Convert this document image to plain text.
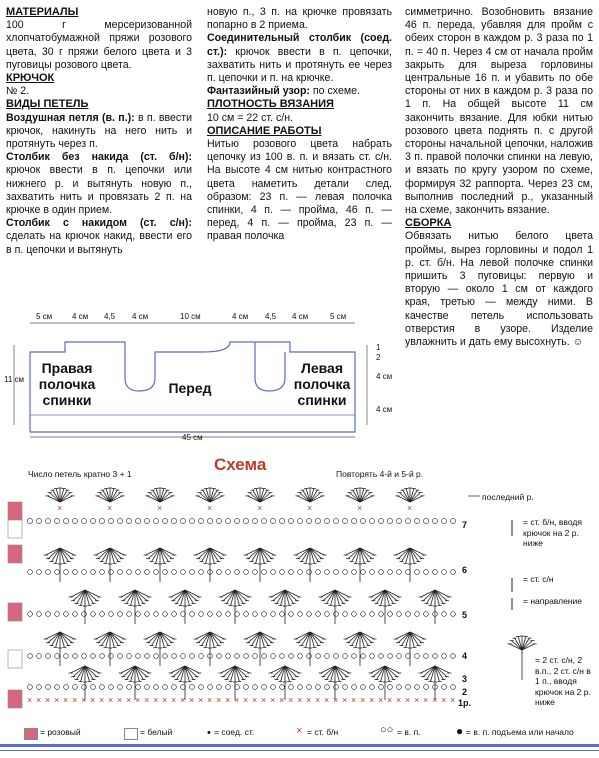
МАТЕРИАЛЫ

100 г мерсеризованной хлопчатобумажной пряжи розового цвета, 30 г пряжи белого цвета и 3 пуговицы розового цвета.

КРЮЧОК

№ 2.

ВИДЫ ПЕТЕЛЬ

Воздушная петля (в. п.): в п. ввести крючок, накинуть на него нить и протянуть через п.

Столбик без накида (ст. б/н): крючок ввести в п. цепочки или нижнего р. и вытянуть новую п., захватить нить и провязать 2 п. на крючке в один прием.

Столбик с накидом (ст. с/н): сделать на крючок накид, ввести его в п. цепочки и вытянуть

новую п., 3 п. на крючке провязать попарно в 2 приема.

Соединительный столбик (соед. ст.): крючок ввести в п. цепочки, захватить нить и протянуть ее через п. цепочки и п. на крючке.

Фантазийный узор: по схеме.

ПЛОТНОСТЬ ВЯЗАНИЯ

10 см = 22 ст. с/н.

ОПИСАНИЕ РАБОТЫ

Нитью розового цвета набрать цепочку из 100 в. п. и вязать ст. с/н. На высоте 4 см нитью контрастного цвета наметить детали след. образом: 23 п. — левая полочка спинки, 4 п. — пройма, 46 п. — перед, 4 п. — пройма, 23 п. — правая полочка

симметрично. Возобновить вязание 46 п. переда, убавляя для пройм с обеих сторон в каждом р. 3 раза по 1 п. = 40 п. Через 4 см от начала пройм закрыть для выреза горловины центральные 16 п. и убавить по обе стороны от них в каждом р. 3 раза по 1 п. На общей высоте 11 см закончить вязание. Для юбки нитью розового цвета поднять п. с другой стороны начальной цепочки, наложив 3 п. правой полочки спинки на левую, и вязать по кругу узором по схеме, формируя 32 раппорта. Через 23 см, выполнив последний р., указанный на схеме, закончить вязание.

СБОРКА

Обвязать нитью белого цвета проймы, вырез горловины и подол 1 р. ст. б/н. На левой полочке спинки пришить 3 пуговицы: первую и вторую — около 1 см от каждого края, третью — между ними. В качестве петель использовать отверстия в узоре. Изделие увлажнить и дать ему высохнуть. ☺

5 см 4 см 4,5 4 см	10 см	4 см 4,5 4 см	5 см
1
2
4 см
4 см
11 см
45 см
Правая полочка спинки
Перед
Левая полочка спинки
Схема
Число петель кратно 3 + 1	Повторять 4-й и 5-й р.
последний р.
×	×	×	×	×	×	×	×
× × × × × × × × × × × × × × × × × × × × × × × × × × × × × × × × × × × × × × × × × × × × × × × ×
7
6
5
4
3
2
1р.
= ст. б/н, вводя крючок на 2 р. ниже
= ст. с/н
= направление
= 2 ст. с/н, 2 в.п., 2 ст. с/н в 1 п., вводя крючок на 2 р. ниже
= розовый	= белый	• = соед. ст.	× = ст. б/н	○○ = в. п.	● = в. п. подъема или начало
